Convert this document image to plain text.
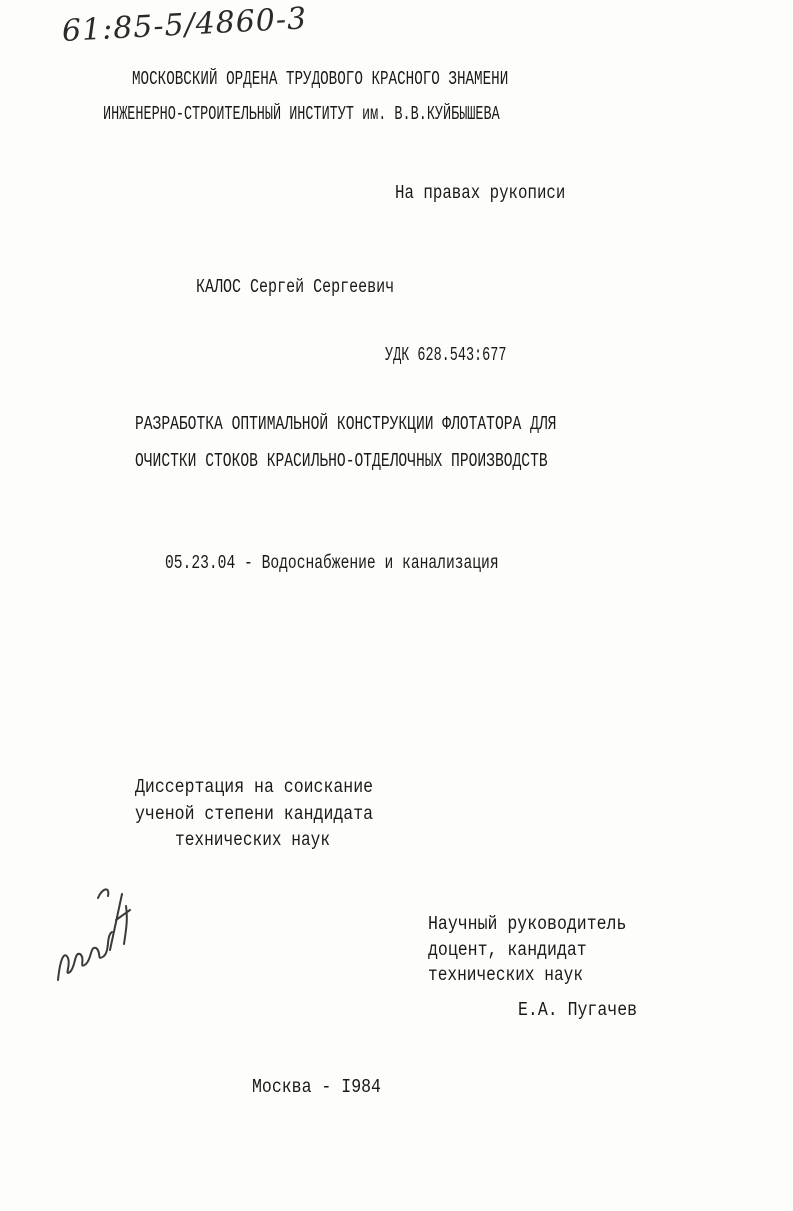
61:85-5/4860-3
МОСКОВСКИЙ ОРДЕНА ТРУДОВОГО КРАСНОГО ЗНАМЕНИ
ИНЖЕНЕРНО-СТРОИТЕЛЬНЫЙ ИНСТИТУТ им. В.В.КУЙБЫШЕВА
На правах рукописи
КАЛОС Сергей Сергеевич
УДК 628.543:677
РАЗРАБОТКА ОПТИМАЛЬНОЙ КОНСТРУКЦИИ ФЛОТАТОРА ДЛЯ
ОЧИСТКИ СТОКОВ КРАСИЛЬНО-ОТДЕЛОЧНЫХ ПРОИЗВОДСТВ
05.23.04 - Водоснабжение и канализация
Диссертация на соискание
ученой степени кандидата
технических наук
Научный руководитель
доцент, кандидат
технических наук
Е.А. Пугачев
Москва - I984
